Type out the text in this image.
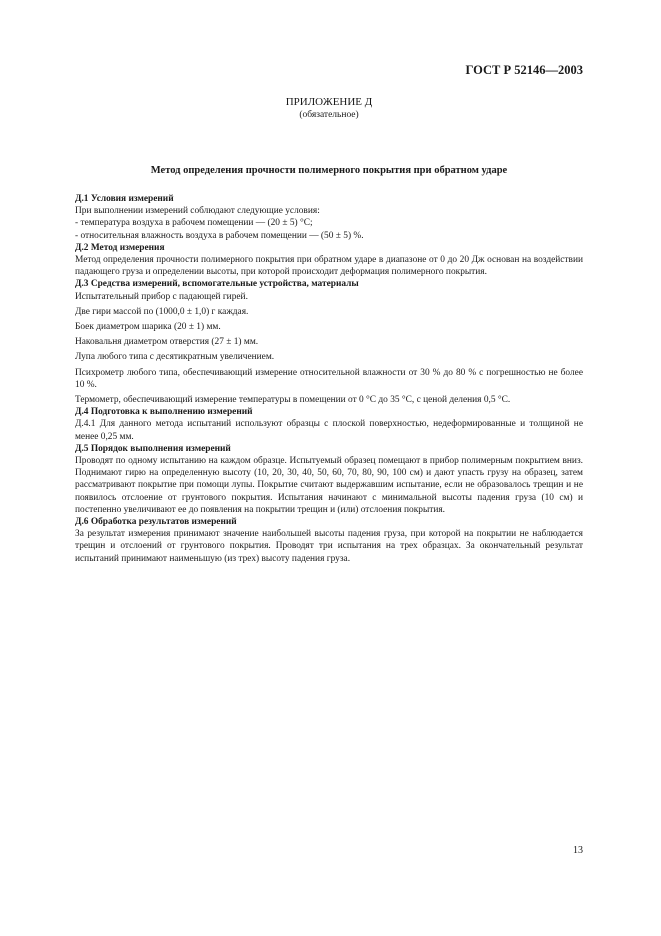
ГОСТ Р 52146—2003
ПРИЛОЖЕНИЕ Д
(обязательное)
Метод определения прочности полимерного покрытия при обратном ударе

Д.1 Условия измерений

При выполнении измерений соблюдают следующие условия:

- температура воздуха в рабочем помещении — (20 ± 5) °С;

- относительная влажность воздуха в рабочем помещении — (50 ± 5) %.

Д.2 Метод измерения

Метод определения прочности полимерного покрытия при обратном ударе в диапазоне от 0 до 20 Дж основан на воздействии падающего груза и определении высоты, при которой происходит деформация полимерного покрытия.

Д.3 Средства измерений, вспомогательные устройства, материалы

Испытательный прибор с падающей гирей.

Две гири массой по (1000,0 ± 1,0) г каждая.

Боек диаметром шарика (20 ± 1) мм.

Наковальня диаметром отверстия (27 ± 1) мм.

Лупа любого типа с десятикратным увеличением.

Психрометр любого типа, обеспечивающий измерение относительной влажности от 30 % до 80 % с погрешностью не более 10 %.

Термометр, обеспечивающий измерение температуры в помещении от 0 °С до 35 °С, с ценой деления 0,5 °С.

Д.4 Подготовка к выполнению измерений

Д.4.1 Для данного метода испытаний используют образцы с плоской поверхностью, недеформированные и толщиной не менее 0,25 мм.

Д.5 Порядок выполнения измерений

Проводят по одному испытанию на каждом образце. Испытуемый образец помещают в прибор полимерным покрытием вниз. Поднимают гирю на определенную высоту (10, 20, 30, 40, 50, 60, 70, 80, 90, 100 см) и дают упасть грузу на образец, затем рассматривают покрытие при помощи лупы. Покрытие считают выдержавшим испытание, если не образовалось трещин и не появилось отслоение от грунтового покрытия. Испытания начинают с минимальной высоты падения груза (10 см) и постепенно увеличивают ее до появления на покрытии трещин и (или) отслоения покрытия.

Д.6 Обработка результатов измерений

За результат измерения принимают значение наибольшей высоты падения груза, при которой на покрытии не наблюдается трещин и отслоений от грунтового покрытия. Проводят три испытания на трех образцах. За окончательный результат испытаний принимают наименьшую (из трех) высоту падения груза.

13
